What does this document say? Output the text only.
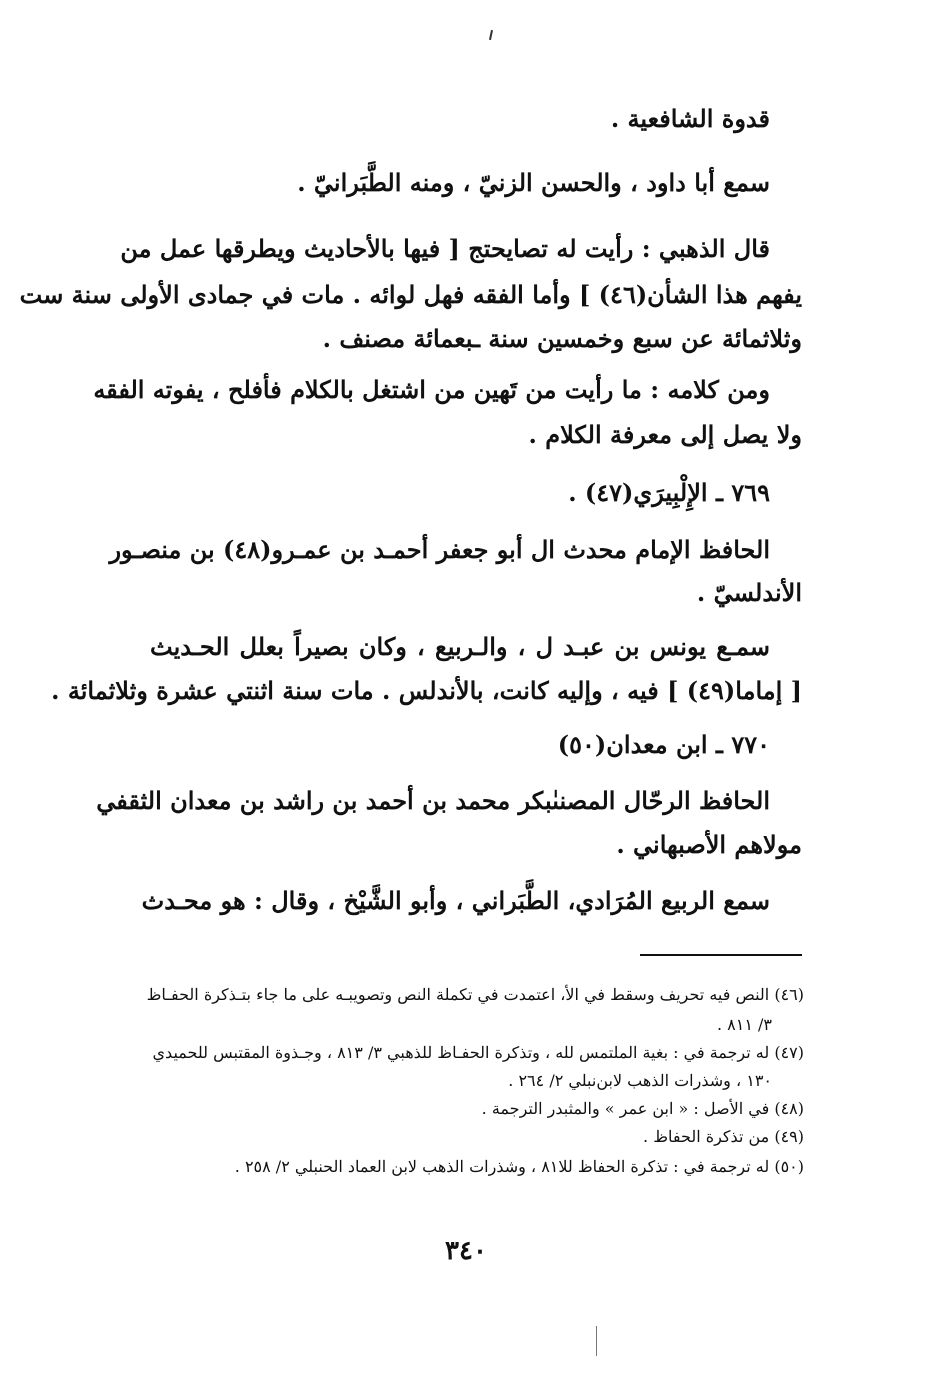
قدوة الشافعية .
سمع أبا داود ، والحسن الزنيّ ، ومنه الطَّبَرانيّ .
قال الذهبي : رأيت له تصايحتج [ فيها بالأحاديث ويطرقها عمل من
يفهم هذا الشأن(٤٦) ] وأما الفقه فهل لوائه . مات في جمادى الأولى سنة ست
وثلاثمائة عن سبع وخمسين سنة ـبعمائة مصنف .
ومن كلامه : ما رأيت من تَهين من اشتغل بالكلام فأفلح ، يفوته الفقه
ولا يصل إلى معرفة الكلام .
٧٦٩ ـ الإِلْبِيرَي(٤٧) .
الحافظ الإمام محدث ال أبو جعفر أحمـد بن عمـرو(٤٨) بن منصـور
الأندلسيّ .
سمـع يونس بن عبـد ل ، والـربيع ، وكان بصيراً بعلل الحـديث
[ إماما(٤٩) ] فيه ، وإليه كانت، بالأندلس . مات سنة اثنتي عشرة وثلاثمائة .
٧٧٠ ـ ابن معدان(٥٠)
الحافظ الرحّال المصنىٰبكر محمد بن أحمد بن راشد بن معدان الثقفي
مولاهم الأصبهاني .
سمع الربيع المُرَادي، الطَّبَراني ، وأبو الشَّيْخ ، وقال : هو محـدث
(٤٦) النص فيه تحريف وسقط في الأ، اعتمدت في تكملة النص وتصويبـه على ما جاء بتـذكرة الحفـاظ
٣/ ٨١١ .
(٤٧) له ترجمة في : بغية الملتمس لله ، وتذكرة الحفـاظ للذهبي ٣/ ٨١٣ ، وجـذوة المقتبس للحميدي
١٣٠ ، وشذرات الذهب لابن‌نبلي ٢/ ٢٦٤ .
(٤٨) في الأصل : « ابن عمر » والمثبدر الترجمة .
(٤٩) من تذكرة الحفاظ .
(٥٠) له ترجمة في : تذكرة الحفاظ للا٨١ ، وشذرات الذهب لابن العماد الحنبلي ٢/ ٢٥٨ .
٣٤٠
